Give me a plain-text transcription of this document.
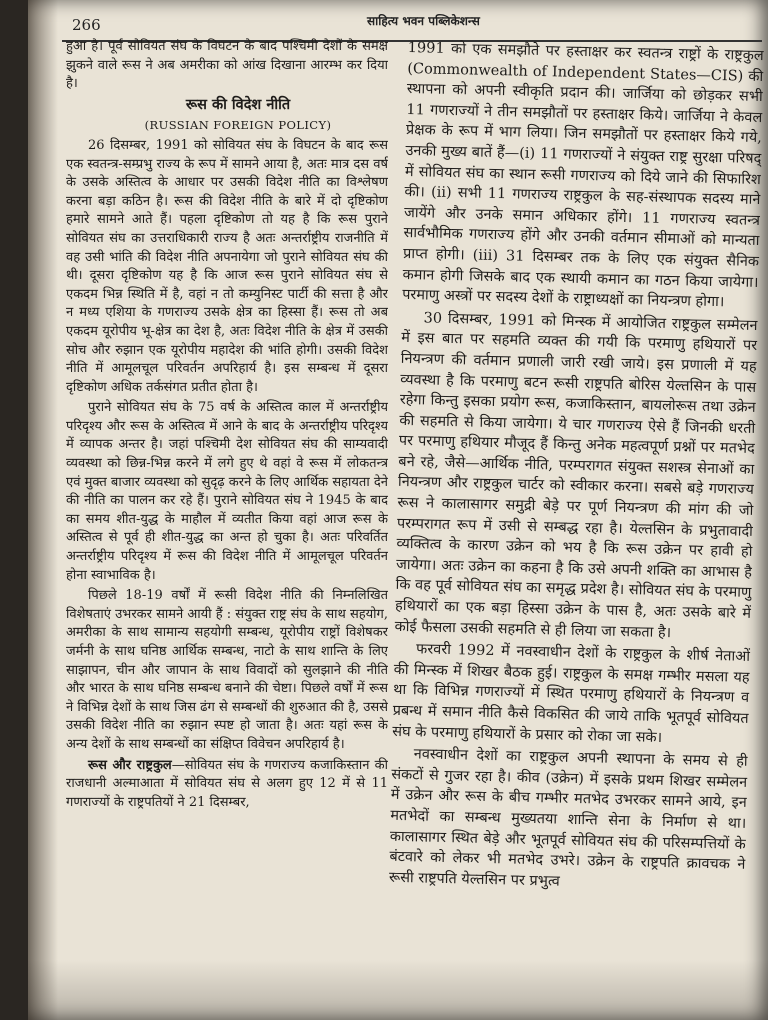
266	साहित्य भवन पब्लिकेशन्स

हुआ है। पूर्व सोवियत संघ के विघटन के बाद पश्चिमी देशों के समक्ष झुकने वाले रूस ने अब अमरीका को आंख दिखाना आरम्भ कर दिया है।

रूस की विदेश नीति

(RUSSIAN FOREIGN POLICY)

26 दिसम्बर, 1991 को सोवियत संघ के विघटन के बाद रूस एक स्वतन्त्र-सम्प्रभु राज्य के रूप में सामने आया है, अतः मात्र दस वर्ष के उसके अस्तित्व के आधार पर उसकी विदेश नीति का विश्लेषण करना बड़ा कठिन है। रूस की विदेश नीति के बारे में दो दृष्टिकोण हमारे सामने आते हैं। पहला दृष्टिकोण तो यह है कि रूस पुराने सोवियत संघ का उत्तराधिकारी राज्य है अतः अन्तर्राष्ट्रीय राजनीति में वह उसी भांति की विदेश नीति अपनायेगा जो पुराने सोवियत संघ की थी। दूसरा दृष्टिकोण यह है कि आज रूस पुराने सोवियत संघ से एकदम भिन्न स्थिति में है, वहां न तो कम्युनिस्ट पार्टी की सत्ता है और न मध्य एशिया के गणराज्य उसके क्षेत्र का हिस्सा हैं। रूस तो अब एकदम यूरोपीय भू-क्षेत्र का देश है, अतः विदेश नीति के क्षेत्र में उसकी सोच और रुझान एक यूरोपीय महादेश की भांति होगी। उसकी विदेश नीति में आमूलचूल परिवर्तन अपरिहार्य है। इस सम्बन्ध में दूसरा दृष्टिकोण अधिक तर्कसंगत प्रतीत होता है।

पुराने सोवियत संघ के 75 वर्ष के अस्तित्व काल में अन्तर्राष्ट्रीय परिदृश्य और रूस के अस्तित्व में आने के बाद के अन्तर्राष्ट्रीय परिदृश्य में व्यापक अन्तर है। जहां पश्चिमी देश सोवियत संघ की साम्यवादी व्यवस्था को छिन्न-भिन्न करने में लगे हुए थे वहां वे रूस में लोकतन्त्र एवं मुक्त बाजार व्यवस्था को सुदृढ़ करने के लिए आर्थिक सहायता देने की नीति का पालन कर रहे हैं। पुराने सोवियत संघ ने 1945 के बाद का समय शीत-युद्ध के माहौल में व्यतीत किया वहां आज रूस के अस्तित्व से पूर्व ही शीत-युद्ध का अन्त हो चुका है। अतः परिवर्तित अन्तर्राष्ट्रीय परिदृश्य में रूस की विदेश नीति में आमूलचूल परिवर्तन होना स्वाभाविक है।

पिछले 18-19 वर्षों में रूसी विदेश नीति की निम्नलिखित विशेषताएं उभरकर सामने आयी हैं : संयुक्त राष्ट्र संघ के साथ सहयोग, अमरीका के साथ सामान्य सहयोगी सम्बन्ध, यूरोपीय राष्ट्रों विशेषकर जर्मनी के साथ घनिष्ठ आर्थिक सम्बन्ध, नाटो के साथ शान्ति के लिए साझापन, चीन और जापान के साथ विवादों को सुलझाने की नीति और भारत के साथ घनिष्ठ सम्बन्ध बनाने की चेष्टा। पिछले वर्षों में रूस ने विभिन्न देशों के साथ जिस ढंग से सम्बन्धों की शुरुआत की है, उससे उसकी विदेश नीति का रुझान स्पष्ट हो जाता है। अतः यहां रूस के अन्य देशों के साथ सम्बन्धों का संक्षिप्त विवेचन अपरिहार्य है।

रूस और राष्ट्रकुल—सोवियत संघ के गणराज्य कजाकिस्तान की राजधानी अल्माआता में सोवियत संघ से अलग हुए 12 में से 11 गणराज्यों के राष्ट्रपतियों ने 21 दिसम्बर,

1991 को एक समझौते पर हस्ताक्षर कर स्वतन्त्र राष्ट्रों के राष्ट्रकुल (Commonwealth of Independent States—CIS) की स्थापना को अपनी स्वीकृति प्रदान की। जार्जिया को छोड़कर सभी 11 गणराज्यों ने तीन समझौतों पर हस्ताक्षर किये। जार्जिया ने केवल प्रेक्षक के रूप में भाग लिया। जिन समझौतों पर हस्ताक्षर किये गये, उनकी मुख्य बातें हैं—(i) 11 गणराज्यों ने संयुक्त राष्ट्र सुरक्षा परिषद् में सोवियत संघ का स्थान रूसी गणराज्य को दिये जाने की सिफारिश की। (ii) सभी 11 गणराज्य राष्ट्रकुल के सह-संस्थापक सदस्य माने जायेंगे और उनके समान अधिकार होंगे। 11 गणराज्य स्वतन्त्र सार्वभौमिक गणराज्य होंगे और उनकी वर्तमान सीमाओं को मान्यता प्राप्त होगी। (iii) 31 दिसम्बर तक के लिए एक संयुक्त सैनिक कमान होगी जिसके बाद एक स्थायी कमान का गठन किया जायेगा। परमाणु अस्त्रों पर सदस्य देशों के राष्ट्राध्यक्षों का नियन्त्रण होगा।

30 दिसम्बर, 1991 को मिन्स्क में आयोजित राष्ट्रकुल सम्मेलन में इस बात पर सहमति व्यक्त की गयी कि परमाणु हथियारों पर नियन्त्रण की वर्तमान प्रणाली जारी रखी जाये। इस प्रणाली में यह व्यवस्था है कि परमाणु बटन रूसी राष्ट्रपति बोरिस येल्तसिन के पास रहेगा किन्तु इसका प्रयोग रूस, कजाकिस्तान, बायलोरूस तथा उक्रेन की सहमति से किया जायेगा। ये चार गणराज्य ऐसे हैं जिनकी धरती पर परमाणु हथियार मौजूद हैं किन्तु अनेक महत्वपूर्ण प्रश्नों पर मतभेद बने रहे, जैसे—आर्थिक नीति, परम्परागत संयुक्त सशस्त्र सेनाओं का नियन्त्रण और राष्ट्रकुल चार्टर को स्वीकार करना। सबसे बड़े गणराज्य रूस ने कालासागर समुद्री बेड़े पर पूर्ण नियन्त्रण की मांग की जो परम्परागत रूप में उसी से सम्बद्ध रहा है। येल्तसिन के प्रभुतावादी व्यक्तित्व के कारण उक्रेन को भय है कि रूस उक्रेन पर हावी हो जायेगा। अतः उक्रेन का कहना है कि उसे अपनी शक्ति का आभास है कि वह पूर्व सोवियत संघ का समृद्ध प्रदेश है। सोवियत संघ के परमाणु हथियारों का एक बड़ा हिस्सा उक्रेन के पास है, अतः उसके बारे में कोई फैसला उसकी सहमति से ही लिया जा सकता है।

फरवरी 1992 में नवस्वाधीन देशों के राष्ट्रकुल के शीर्ष नेताओं की मिन्स्क में शिखर बैठक हुई। राष्ट्रकुल के समक्ष गम्भीर मसला यह था कि विभिन्न गणराज्यों में स्थित परमाणु हथियारों के नियन्त्रण व प्रबन्ध में समान नीति कैसे विकसित की जाये ताकि भूतपूर्व सोवियत संघ के परमाणु हथियारों के प्रसार को रोका जा सके।

नवस्वाधीन देशों का राष्ट्रकुल अपनी स्थापना के समय से ही संकटों से गुजर रहा है। कीव (उक्रेन) में इसके प्रथम शिखर सम्मेलन में उक्रेन और रूस के बीच गम्भीर मतभेद उभरकर सामने आये, इन मतभेदों का सम्बन्ध मुख्यतया शान्ति सेना के निर्माण से था। कालासागर स्थित बेड़े और भूतपूर्व सोवियत संघ की परिसम्पत्तियों के बंटवारे को लेकर भी मतभेद उभरे। उक्रेन के राष्ट्रपति क्रावचक ने रूसी राष्ट्रपति येल्तसिन पर प्रभुत्व
